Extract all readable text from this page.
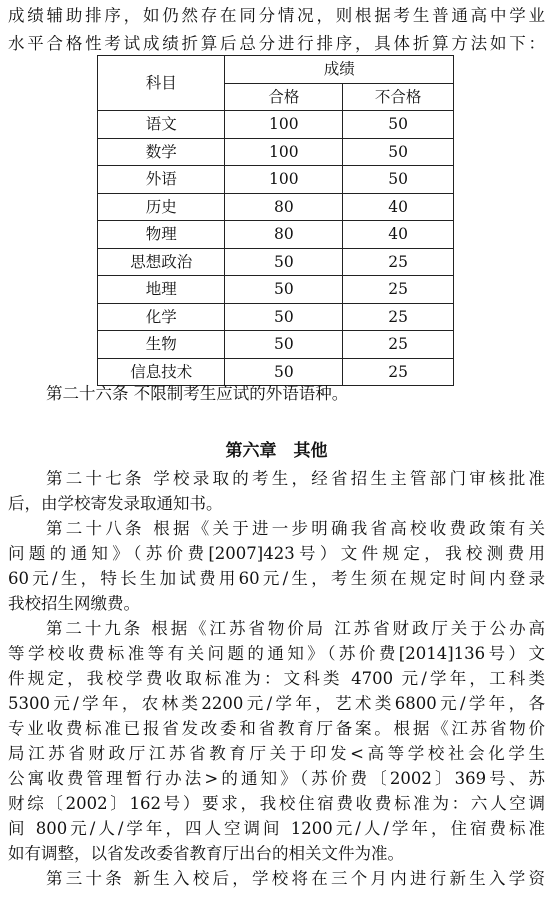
成绩辅助排序，如仍然存在同分情况，则根据考生普通高中学业
水平合格性考试成绩折算后总分进行排序，具体折算方法如下：
科目	成绩	
	合格	不合格
语文	100	50
数学	100	50
外语	100	50
历史	80	40
物理	80	40
思想政治	50	25
地理	50	25
化学	50	25
生物	50	25
信息技术	50	25
第二十六条 不限制考生应试的外语语种。
第六章　其他
第二十七条 学校录取的考生，经省招生主管部门审核批准
后，由学校寄发录取通知书。
第二十八条 根据《关于进一步明确我省高校收费政策有关
问题的通知》（苏价费[2007]423号）文件规定，我校测费用
60元/生，特长生加试费用60元/生，考生须在规定时间内登录
我校招生网缴费。
第二十九条 根据《江苏省物价局 江苏省财政厅关于公办高
等学校收费标准等有关问题的通知》（苏价费[2014]136号）文
件规定，我校学费收取标准为：文科类 4700 元/学年，工科类
5300元/学年，农林类2200元/学年，艺术类6800元/学年，各
专业收费标准已报省发改委和省教育厅备案。根据《江苏省物价
局江苏省财政厅江苏省教育厅关于印发<高等学校社会化学生
公寓收费管理暂行办法>的通知》（苏价费〔2002〕369号、苏
财综〔2002〕162号）要求，我校住宿费收费标准为：六人空调
间 800元/人/学年，四人空调间 1200元/人/学年，住宿费标准
如有调整，以省发改委省教育厅出台的相关文件为准。
第三十条 新生入校后，学校将在三个月内进行新生入学资
